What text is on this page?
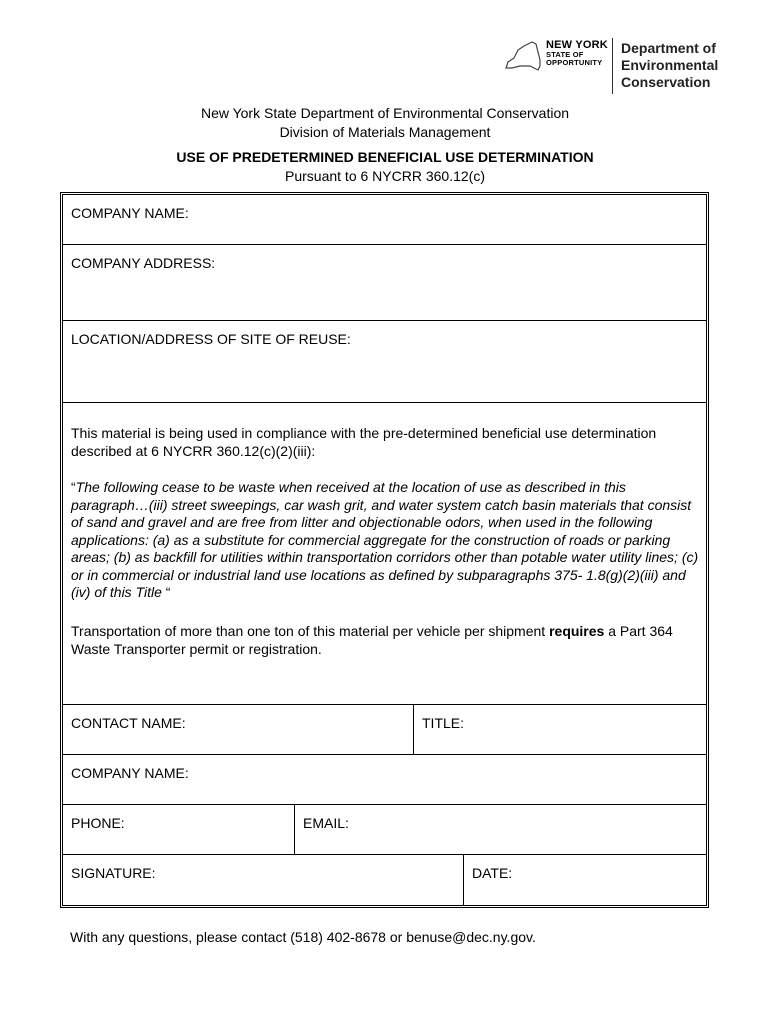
NEW YORK
STATE OF
OPPORTUNITY
Department of
Environmental
Conservation
New York State Department of Environmental Conservation
Division of Materials Management
USE OF PREDETERMINED BENEFICIAL USE DETERMINATION
Pursuant to 6 NYCRR 360.12(c)
COMPANY NAME:
COMPANY ADDRESS:
LOCATION/ADDRESS OF SITE OF REUSE:
This material is being used in compliance with the pre-determined beneficial use determination described at 6 NYCRR 360.12(c)(2)(iii):
“The following cease to be waste when received at the location of use as described in this paragraph…(iii) street sweepings, car wash grit, and water system catch basin materials that consist of sand and gravel and are free from litter and objectionable odors, when used in the following applications: (a) as a substitute for commercial aggregate for the construction of roads or parking areas; (b) as backfill for utilities within transportation corridors other than potable water utility lines; (c) or in commercial or industrial land use locations as defined by subparagraphs 375- 1.8(g)(2)(iii) and (iv) of this Title “
Transportation of more than one ton of this material per vehicle per shipment requires a Part 364 Waste Transporter permit or registration.
CONTACT NAME:	TITLE:
COMPANY NAME:
PHONE:	EMAIL:
SIGNATURE:	DATE:
With any questions, please contact (518) 402-8678 or benuse@dec.ny.gov.
